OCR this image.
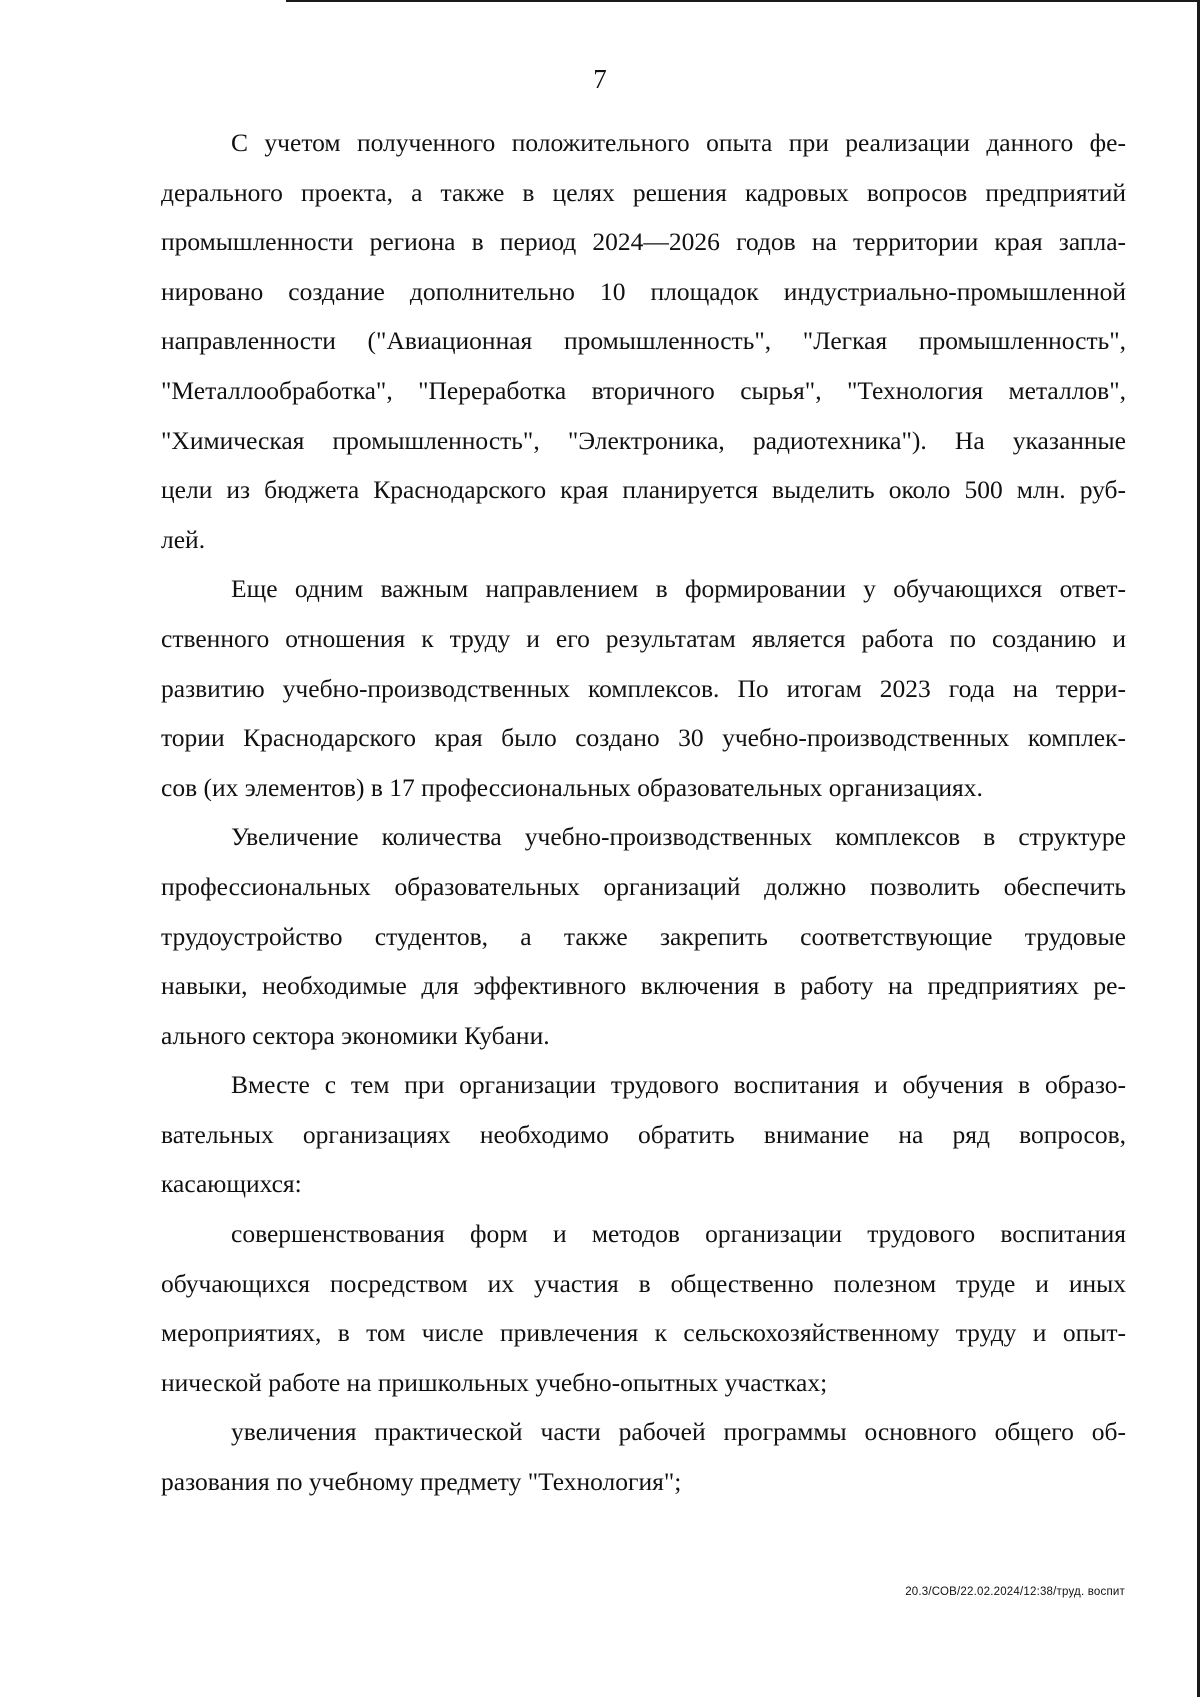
7
С учетом полученного положительного опыта при реализации данного фе-
дерального проекта, а также в целях решения кадровых вопросов предприятий
промышленности региона в период 2024—2026 годов на территории края запла-
нировано создание дополнительно 10 площадок индустриально-промышленной
направленности ("Авиационная промышленность", "Легкая промышленность",
"Металлообработка", "Переработка вторичного сырья", "Технология металлов",
"Химическая промышленность", "Электроника, радиотехника"). На указанные
цели из бюджета Краснодарского края планируется выделить около 500 млн. руб-
лей.
Еще одним важным направлением в формировании у обучающихся ответ-
ственного отношения к труду и его результатам является работа по созданию и
развитию учебно-производственных комплексов. По итогам 2023 года на терри-
тории Краснодарского края было создано 30 учебно-производственных комплек-
сов (их элементов) в 17 профессиональных образовательных организациях.
Увеличение количества учебно-производственных комплексов в структуре
профессиональных образовательных организаций должно позволить обеспечить
трудоустройство студентов, а также закрепить соответствующие трудовые
навыки, необходимые для эффективного включения в работу на предприятиях ре-
ального сектора экономики Кубани.
Вместе с тем при организации трудового воспитания и обучения в образо-
вательных организациях необходимо обратить внимание на ряд вопросов,
касающихся:
совершенствования форм и методов организации трудового воспитания
обучающихся посредством их участия в общественно полезном труде и иных
мероприятиях, в том числе привлечения к сельскохозяйственному труду и опыт-
нической работе на пришкольных учебно-опытных участках;
увеличения практической части рабочей программы основного общего об-
разования по учебному предмету "Технология";
20.3/СОВ/22.02.2024/12:38/труд. воспит
